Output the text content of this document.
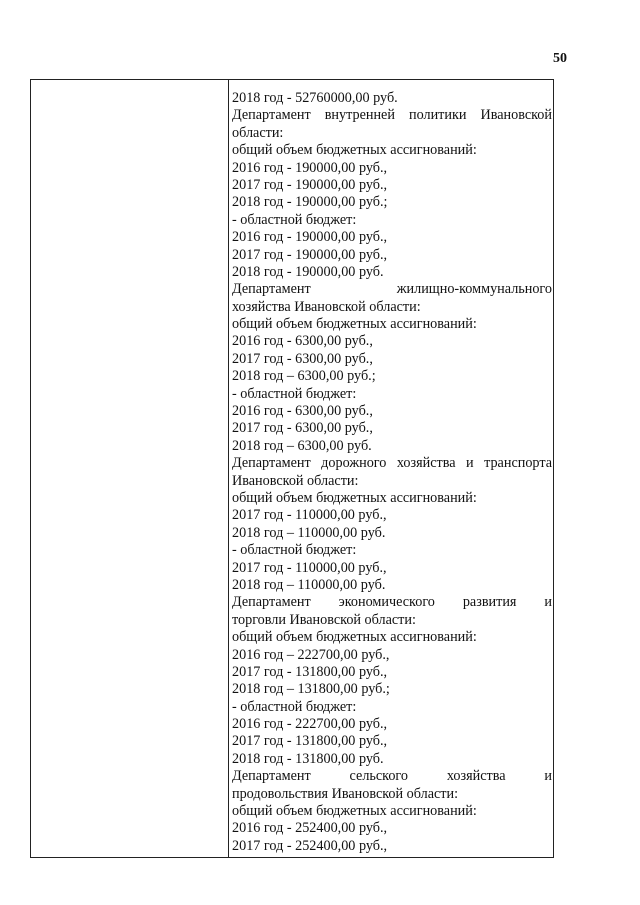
50
2018 год - 52760000,00 руб.
Департамент внутренней политики Ивановской
области:
общий объем бюджетных ассигнований:
2016 год - 190000,00 руб.,
2017 год - 190000,00 руб.,
2018 год - 190000,00 руб.;
- областной бюджет:
2016 год - 190000,00 руб.,
2017 год - 190000,00 руб.,
2018 год - 190000,00 руб.
Департамент жилищно-коммунального
хозяйства Ивановской области:
общий объем бюджетных ассигнований:
2016 год - 6300,00 руб.,
2017 год - 6300,00 руб.,
2018 год – 6300,00 руб.;
- областной бюджет:
2016 год - 6300,00 руб.,
2017 год - 6300,00 руб.,
2018 год – 6300,00 руб.
Департамент дорожного хозяйства и транспорта
Ивановской области:
общий объем бюджетных ассигнований:
2017 год - 110000,00 руб.,
2018 год – 110000,00 руб.
- областной бюджет:
2017 год - 110000,00 руб.,
2018 год – 110000,00 руб.
Департамент экономического развития и
торговли Ивановской области:
общий объем бюджетных ассигнований:
2016 год – 222700,00 руб.,
2017 год - 131800,00 руб.,
2018 год – 131800,00 руб.;
- областной бюджет:
2016 год - 222700,00 руб.,
2017 год - 131800,00 руб.,
2018 год - 131800,00 руб.
Департамент сельского хозяйства и
продовольствия Ивановской области:
общий объем бюджетных ассигнований:
2016 год - 252400,00 руб.,
2017 год - 252400,00 руб.,
